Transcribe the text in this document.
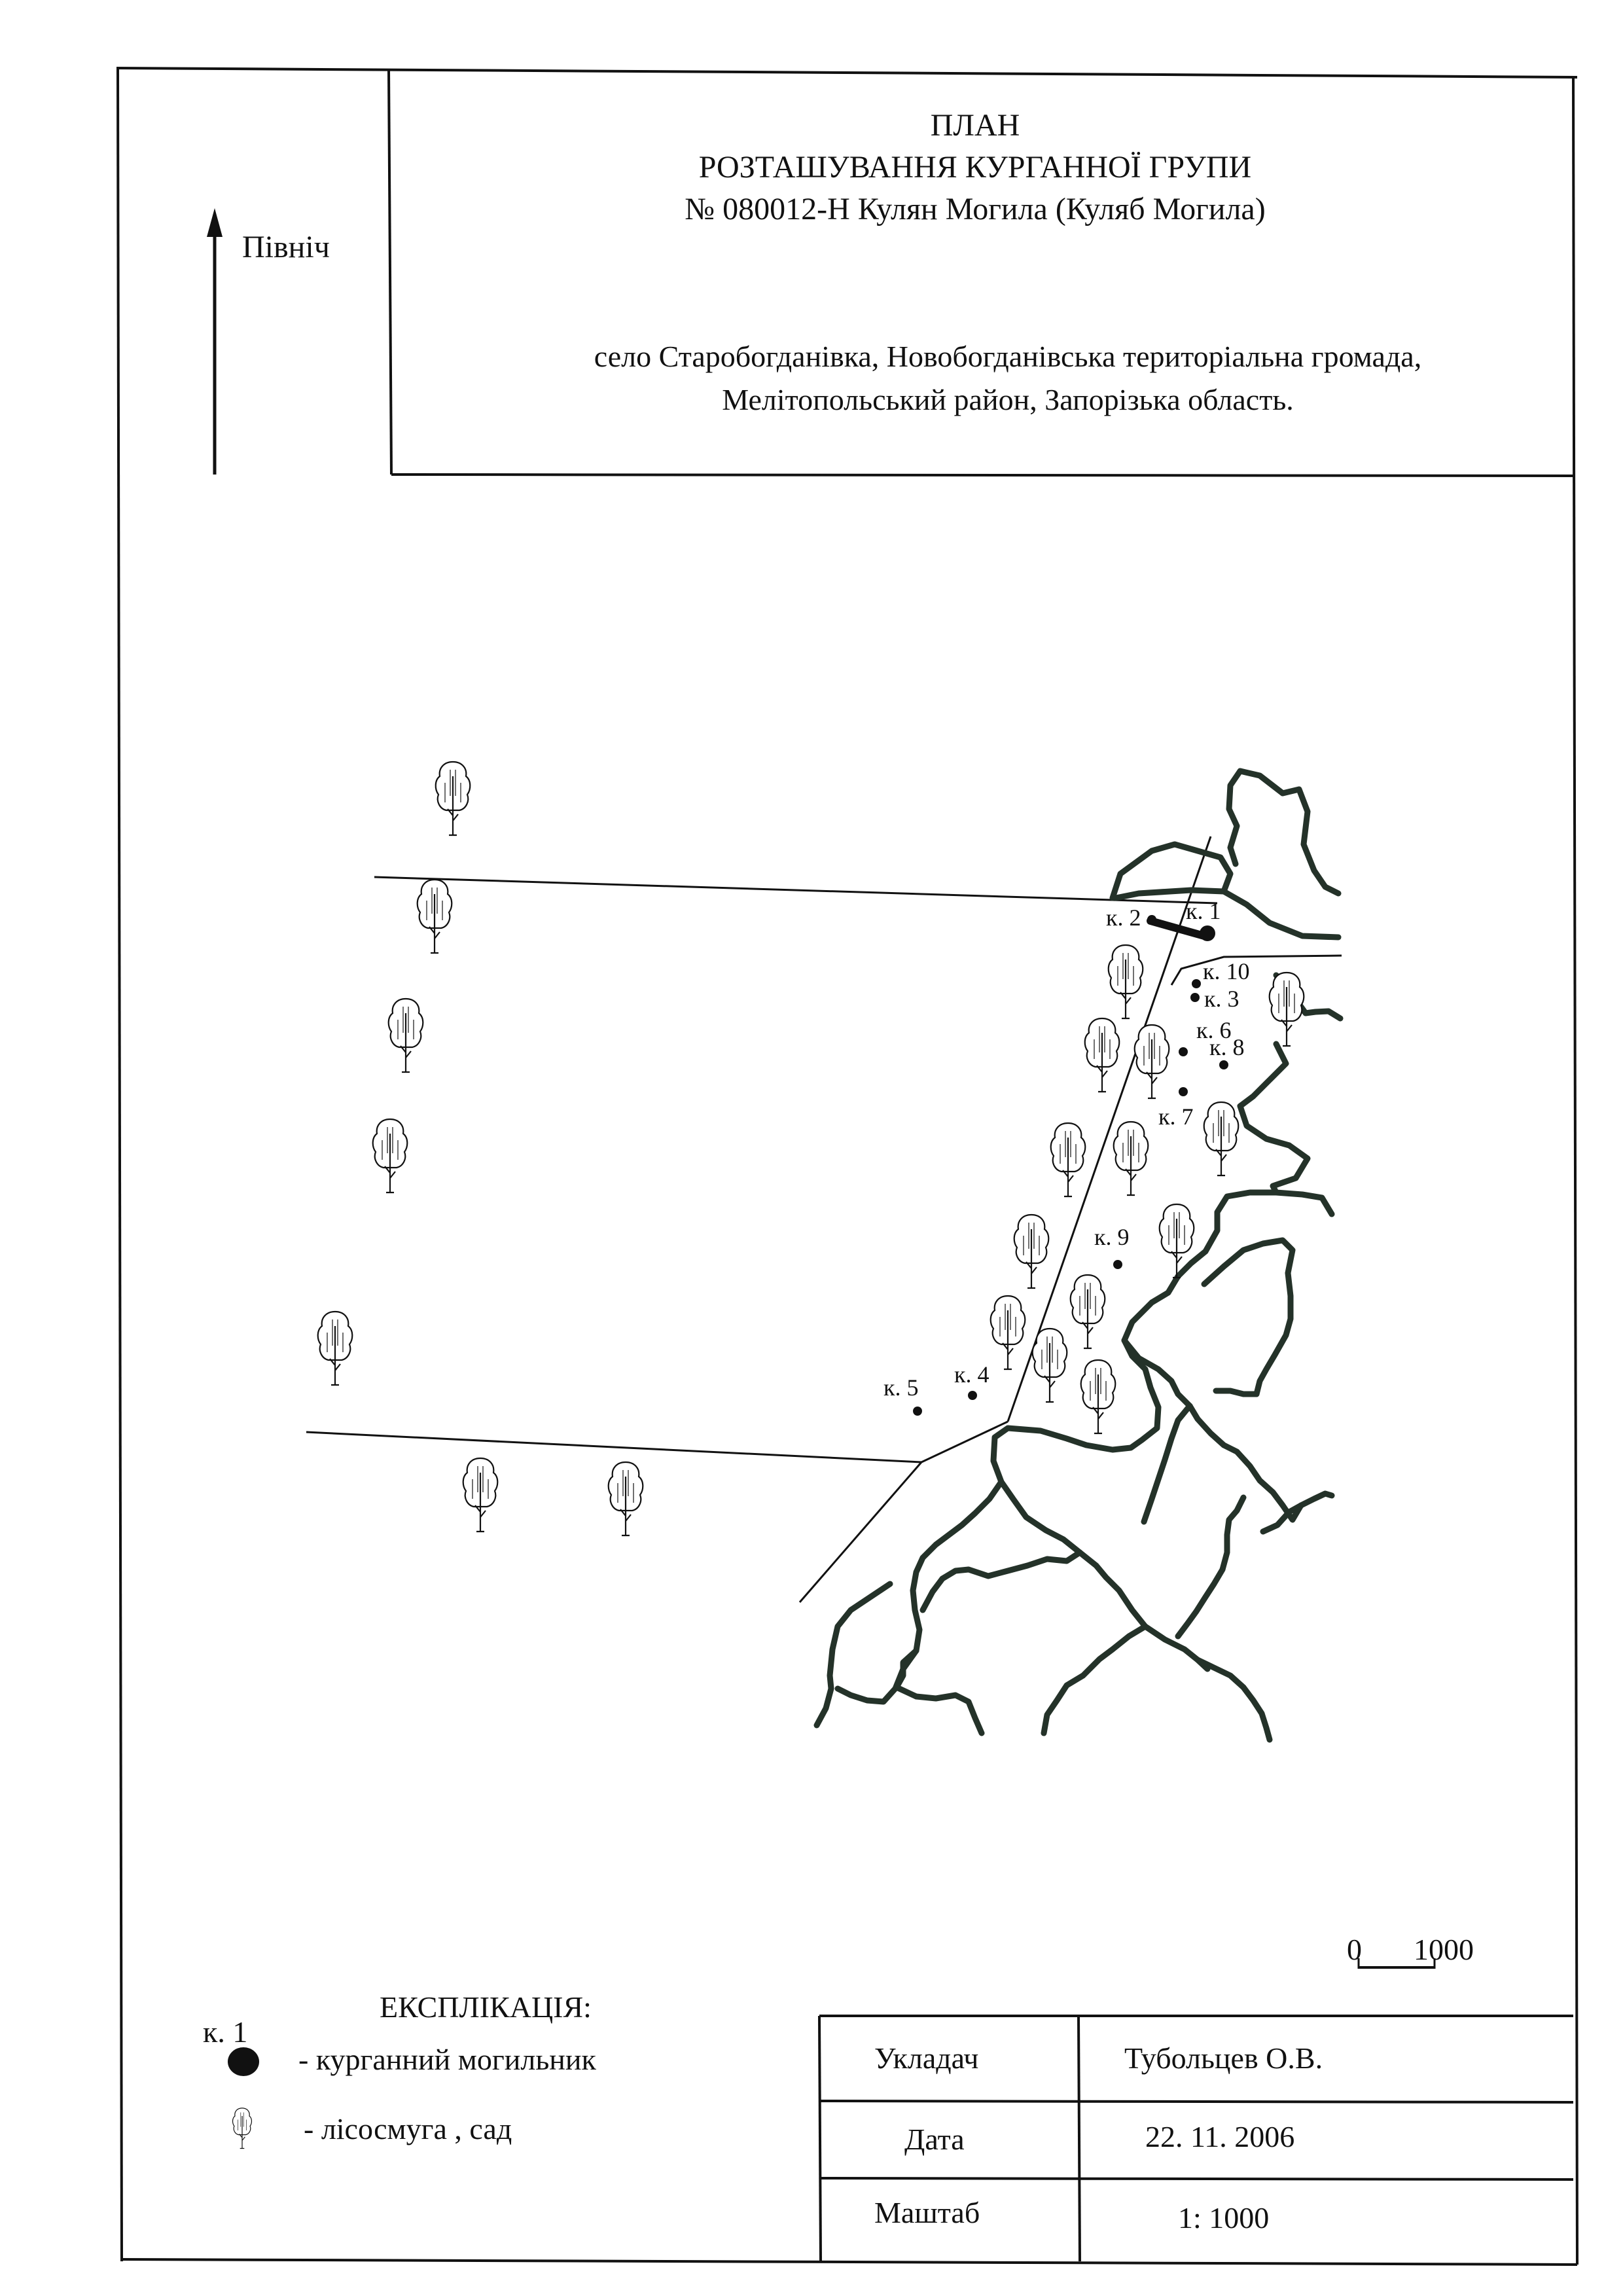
к. 1
к. 2
к. 10
к. 3
к. 6
к. 8
к. 7
к. 9
к. 4
к. 5
Північ
ПЛАН
РОЗТАШУВАННЯ КУРГАННОЇ ГРУПИ
№ 080012-Н Кулян Могила (Куляб Могила)
село Старобогданівка, Новобогданівська територіальна громада,
Мелітопольський район, Запорізька область.
0 1000
ЕКСПЛІКАЦІЯ:
к. 1
- курганний могильник
- лісосмуга , сад
Укладач	Тубольцев О.В.
Дата	22. 11. 2006
Маштаб	1: 1000
